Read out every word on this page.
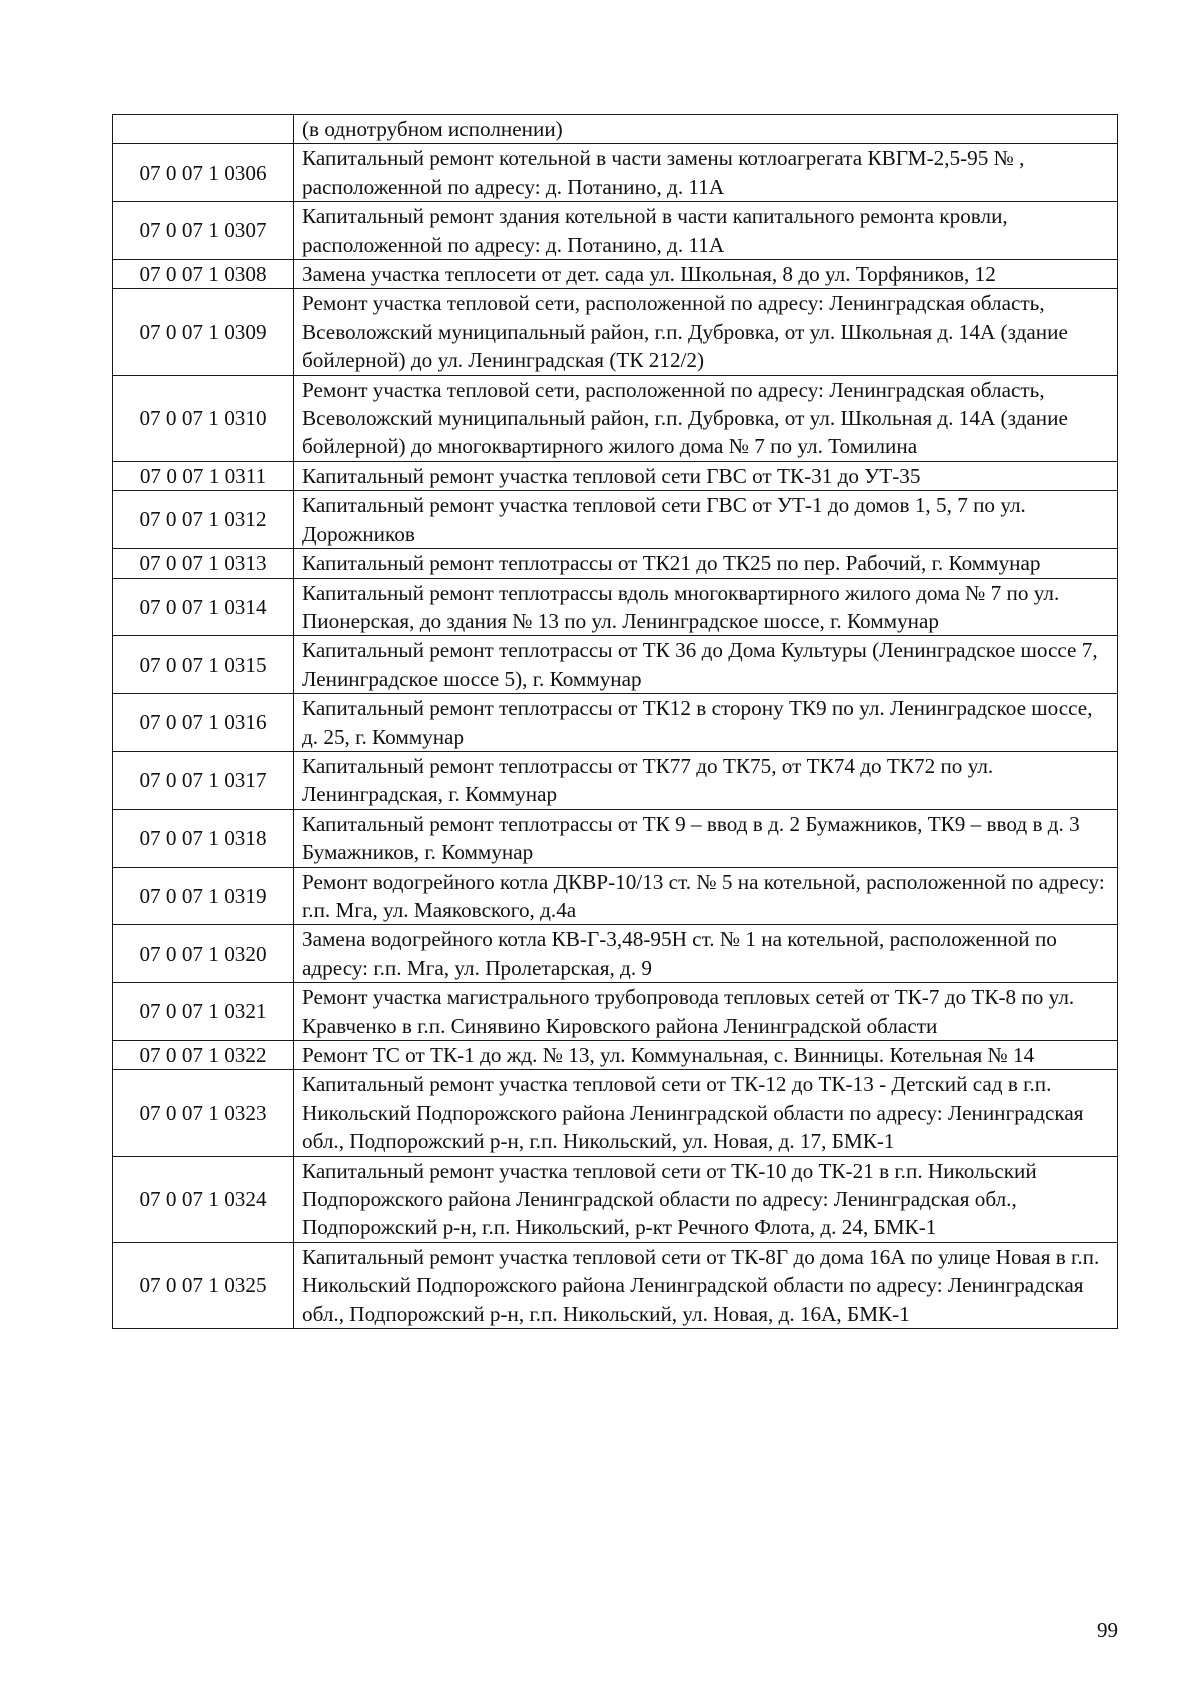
	(в однотрубном исполнении)
07 0 07 1 0306	Капитальный ремонт котельной в части замены котлоагрегата КВГМ-2,5-95 № , расположенной по адресу: д. Потанино, д. 11А
07 0 07 1 0307	Капитальный ремонт здания котельной в части капитального ремонта кровли, расположенной по адресу: д. Потанино, д. 11А
07 0 07 1 0308	Замена участка теплосети от дет. сада ул. Школьная, 8 до ул. Торфяников, 12
07 0 07 1 0309	Ремонт участка тепловой сети, расположенной по адресу: Ленинградская область, Всеволожский муниципальный район, г.п. Дубровка, от ул. Школьная д. 14А (здание бойлерной) до ул. Ленинградская (ТК 212/2)
07 0 07 1 0310	Ремонт участка тепловой сети, расположенной по адресу: Ленинградская область, Всеволожский муниципальный район, г.п. Дубровка, от ул. Школьная д. 14А (здание бойлерной) до многоквартирного жилого дома № 7 по ул. Томилина
07 0 07 1 0311	Капитальный ремонт участка тепловой сети ГВС от ТК-31 до УТ-35
07 0 07 1 0312	Капитальный ремонт участка тепловой сети ГВС от УТ-1 до домов 1, 5, 7 по ул. Дорожников
07 0 07 1 0313	Капитальный ремонт теплотрассы от ТК21 до ТК25 по пер. Рабочий, г. Коммунар
07 0 07 1 0314	Капитальный ремонт теплотрассы вдоль многоквартирного жилого дома № 7 по ул. Пионерская, до здания № 13 по ул. Ленинградское шоссе, г. Коммунар
07 0 07 1 0315	Капитальный ремонт теплотрассы от ТК 36 до Дома Культуры (Ленинградское шоссе 7, Ленинградское шоссе 5), г. Коммунар
07 0 07 1 0316	Капитальный ремонт теплотрассы от ТК12 в сторону ТК9 по ул. Ленинградское шоссе, д. 25, г. Коммунар
07 0 07 1 0317	Капитальный ремонт теплотрассы от ТК77 до ТК75, от ТК74 до ТК72 по ул. Ленинградская, г. Коммунар
07 0 07 1 0318	Капитальный ремонт теплотрассы от ТК 9 – ввод в д. 2 Бумажников, ТК9 – ввод в д. 3 Бумажников, г. Коммунар
07 0 07 1 0319	Ремонт водогрейного котла ДКВР-10/13 ст. № 5 на котельной, расположенной по адресу: г.п. Мга, ул. Маяковского, д.4а
07 0 07 1 0320	Замена водогрейного котла КВ-Г-3,48-95Н ст. № 1 на котельной, расположенной по адресу: г.п. Мга, ул. Пролетарская, д. 9
07 0 07 1 0321	Ремонт участка магистрального трубопровода тепловых сетей от ТК-7 до ТК-8 по ул. Кравченко в г.п. Синявино Кировского района Ленинградской области
07 0 07 1 0322	Ремонт ТС от ТК-1 до жд. № 13, ул. Коммунальная, с. Винницы. Котельная № 14
07 0 07 1 0323	Капитальный ремонт участка тепловой сети от ТК-12 до ТК-13 - Детский сад в г.п. Никольский Подпорожского района Ленинградской области по адресу: Ленинградская обл., Подпорожский р-н, г.п. Никольский, ул. Новая, д. 17, БМК-1
07 0 07 1 0324	Капитальный ремонт участка тепловой сети от ТК-10 до ТК-21 в г.п. Никольский Подпорожского района Ленинградской области по адресу: Ленинградская обл., Подпорожский р-н, г.п. Никольский, р-кт Речного Флота, д. 24, БМК-1
07 0 07 1 0325	Капитальный ремонт участка тепловой сети от ТК-8Г до дома 16А по улице Новая в г.п. Никольский Подпорожского района Ленинградской области по адресу: Ленинградская обл., Подпорожский р-н, г.п. Никольский, ул. Новая, д. 16А, БМК-1
99
